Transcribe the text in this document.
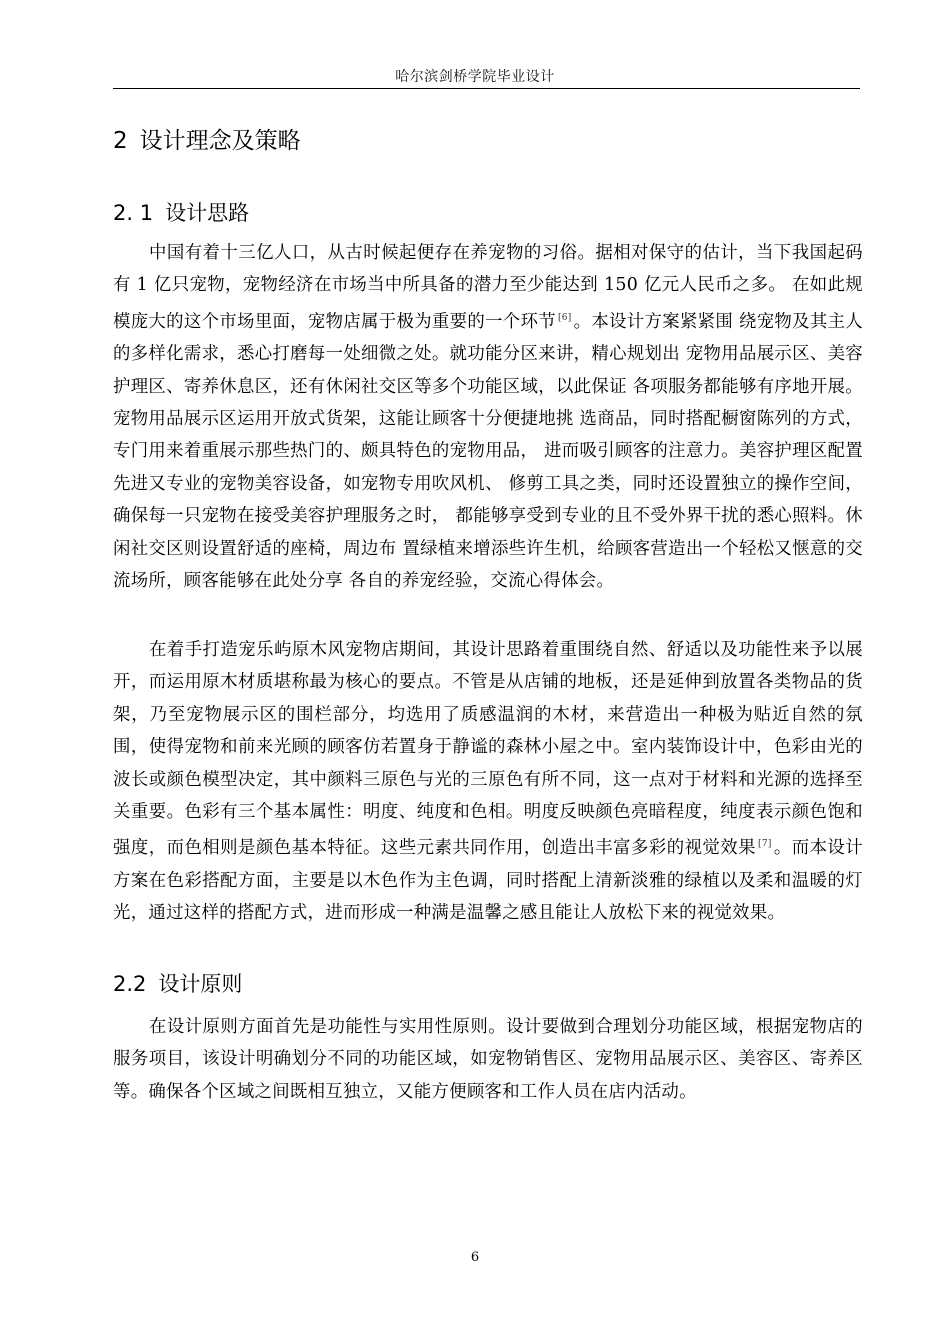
哈尔滨剑桥学院毕业设计
2 设计理念及策略
2. 1 设计思路

中国有着十三亿人口，从古时候起便存在养宠物的习俗。据相对保守的估计，当下我国起码有 1 亿只宠物，宠物经济在市场当中所具备的潜力至少能达到 150 亿元人民币之多。 在如此规模庞大的这个市场里面，宠物店属于极为重要的一个环节 [6] 。本设计方案紧紧围 绕宠物及其主人的多样化需求，悉心打磨每一处细微之处。就功能分区来讲，精心规划出 宠物用品展示区、美容护理区、寄养休息区，还有休闲社交区等多个功能区域，以此保证 各项服务都能够有序地开展。宠物用品展示区运用开放式货架，这能让顾客十分便捷地挑 选商品，同时搭配橱窗陈列的方式，专门用来着重展示那些热门的、颇具特色的宠物用品， 进而吸引顾客的注意力。美容护理区配置先进又专业的宠物美容设备，如宠物专用吹风机、 修剪工具之类，同时还设置独立的操作空间，确保每一只宠物在接受美容护理服务之时， 都能够享受到专业的且不受外界干扰的悉心照料。休闲社交区则设置舒适的座椅，周边布 置绿植来增添些许生机，给顾客营造出一个轻松又惬意的交流场所，顾客能够在此处分享 各自的养宠经验，交流心得体会。

在着手打造宠乐屿原木风宠物店期间，其设计思路着重围绕自然、舒适以及功能性来予以展开，而运用原木材质堪称最为核心的要点。不管是从店铺的地板，还是延伸到放置各类物品的货架，乃至宠物展示区的围栏部分，均选用了质感温润的木材，来营造出一种极为贴近自然的氛围，使得宠物和前来光顾的顾客仿若置身于静谧的森林小屋之中。室内装饰设计中，色彩由光的波长或颜色模型决定，其中颜料三原色与光的三原色有所不同，这一点对于材料和光源的选择至关重要。色彩有三个基本属性：明度、纯度和色相。明度反映颜色亮暗程度，纯度表示颜色饱和强度，而色相则是颜色基本特征。这些元素共同作用，创造出丰富多彩的视觉效果 [7] 。而本设计方案在色彩搭配方面，主要是以木色作为主色调，同时搭配上清新淡雅的绿植以及柔和温暖的灯光，通过这样的搭配方式，进而形成一种满是温馨之感且能让人放松下来的视觉效果。

2.2 设计原则

在设计原则方面首先是功能性与实用性原则。设计要做到合理划分功能区域，根据宠物店的服务项目，该设计明确划分不同的功能区域，如宠物销售区、宠物用品展示区、美容区、寄养区等。确保各个区域之间既相互独立，又能方便顾客和工作人员在店内活动。

6
